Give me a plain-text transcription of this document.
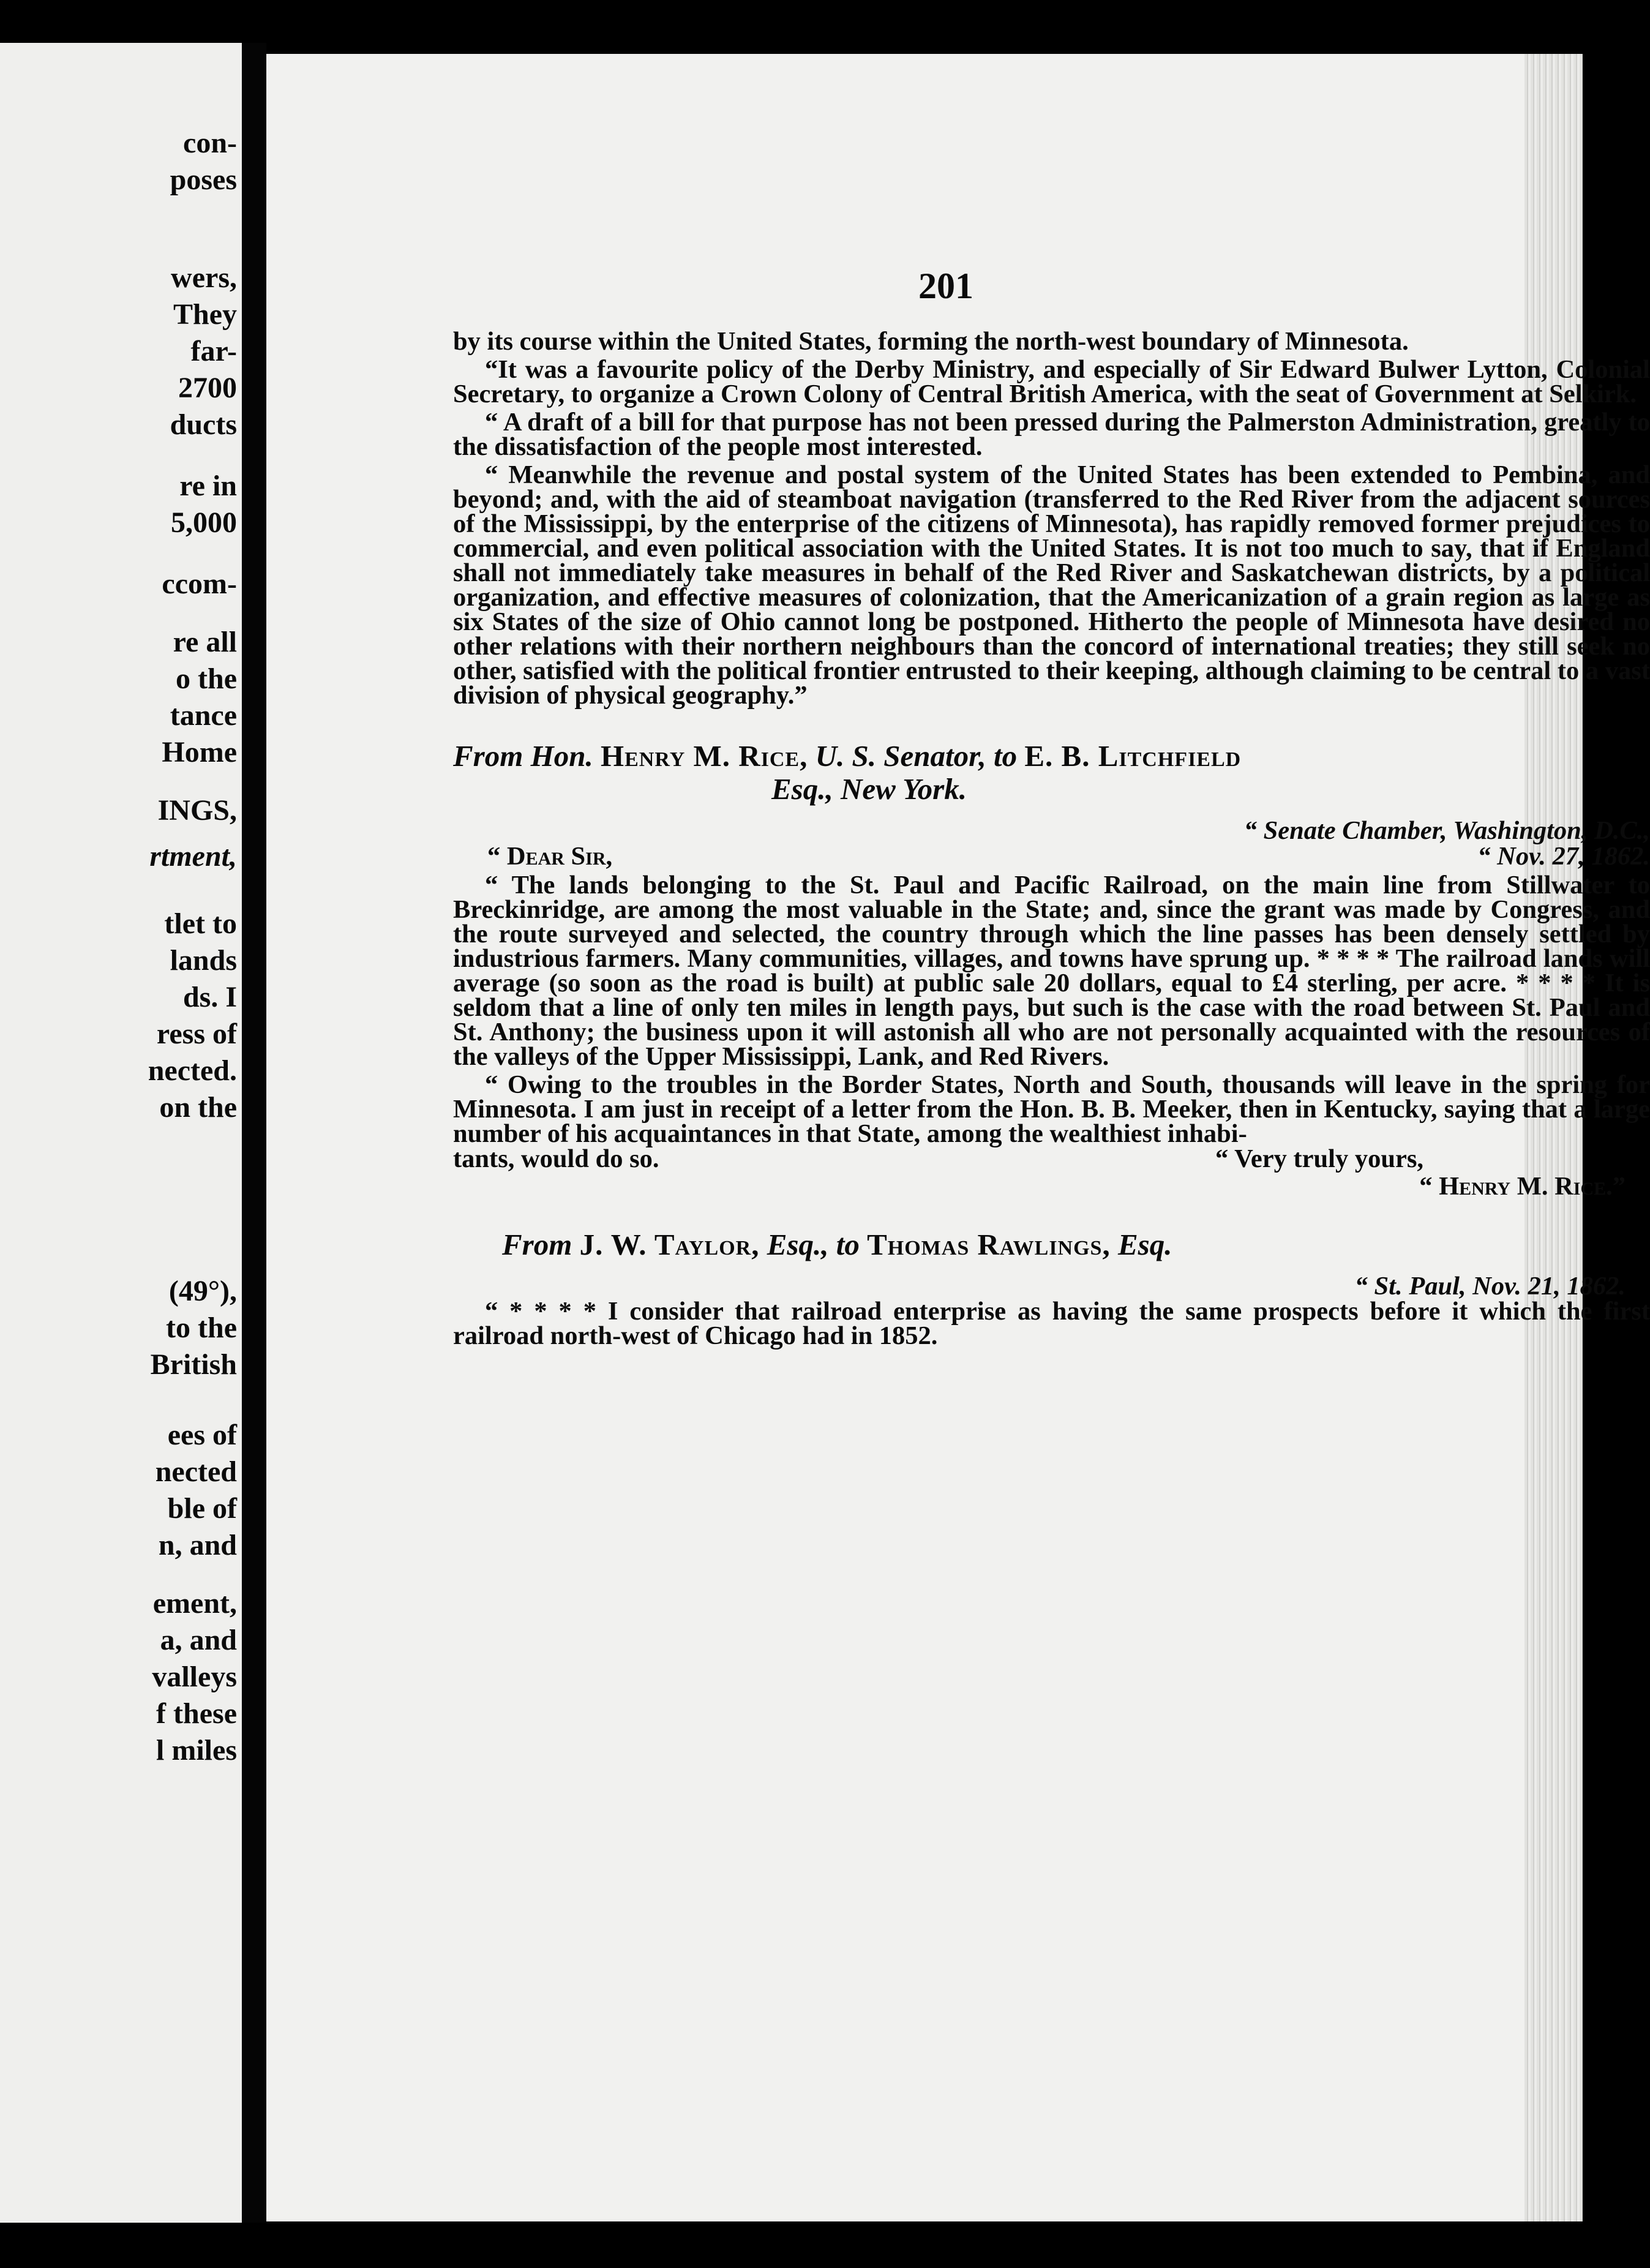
con-
poses
wers,
They
far-
2700
ducts
re in
5,000
ccom-
re all
o the
tance
Home
INGS,
rtment,
tlet to
lands
ds. I
ress of
nected.
on the
(49°),
to the
British
ees of
nected
ble of
n, and
ement,
a, and
valleys
f these
l miles
201

by its course within the United States, forming the north-west boundary of Minnesota.

“It was a favourite policy of the Derby Ministry, and especially of Sir Edward Bulwer Lytton, Colonial Secretary, to organize a Crown Colony of Central British America, with the seat of Government at Selkirk.

“ A draft of a bill for that purpose has not been pressed during the Palmerston Administration, greatly to the dissatisfaction of the people most interested.

“ Meanwhile the revenue and postal system of the United States has been extended to Pembina, and beyond; and, with the aid of steamboat navigation (transferred to the Red River from the adjacent sources of the Mississippi, by the enterprise of the citizens of Minnesota), has rapidly removed former prejudices to commercial, and even political association with the United States. It is not too much to say, that if England shall not immediately take measures in behalf of the Red River and Saskatchewan districts, by a political organization, and effective measures of colonization, that the Americanization of a grain region as large as six States of the size of Ohio cannot long be postponed. Hitherto the people of Minnesota have desired no other relations with their northern neighbours than the concord of international treaties; they still seek no other, satisfied with the political frontier entrusted to their keeping, although claiming to be central to a vast division of physical geography.”

From Hon. Henry M. Rice, U. S. Senator, to E. B. Litchfield
Esq., New York.
“ Senate Chamber, Washington, D.C.,
“ Dear Sir,	“ Nov. 27, 1862.

“ The lands belonging to the St. Paul and Pacific Railroad, on the main line from Stillwater to Breckinridge, are among the most valuable in the State; and, since the grant was made by Congress, and the route surveyed and selected, the country through which the line passes has been densely settled by industrious farmers. Many communities, villages, and towns have sprung up. * * * * The railroad lands will average (so soon as the road is built) at public sale 20 dollars, equal to £4 sterling, per acre. * * * * It is seldom that a line of only ten miles in length pays, but such is the case with the road between St. Paul and St. Anthony; the business upon it will astonish all who are not personally acquainted with the resources of the valleys of the Upper Mississippi, Lank, and Red Rivers.

“ Owing to the troubles in the Border States, North and South, thousands will leave in the spring for Minnesota. I am just in receipt of a letter from the Hon. B. B. Meeker, then in Kentucky, saying that a large number of his acquaintances in that State, among the wealthiest inhabi-

tants, would do so.	“ Very truly yours,
“ Henry M. Rice.”
From J. W. Taylor, Esq., to Thomas Rawlings, Esq.
“ St. Paul, Nov. 21, 1862.

“ * * * * I consider that railroad enterprise as having the same prospects before it which the first railroad north-west of Chicago had in 1852.
